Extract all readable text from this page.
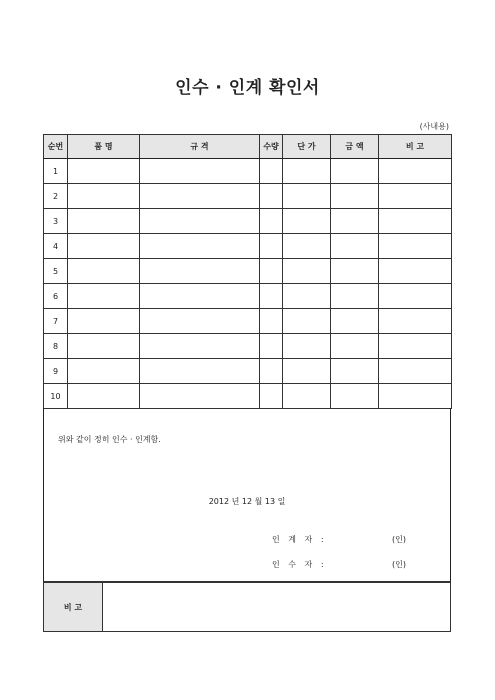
인수 · 인계 확인서
(사내용)
순번	품 명	규 격	수량	단 가	금 액	비 고
1						
2						
3						
4						
5						
6						
7						
8						
9						
10						
위와 같이 정히 인수 · 인계함.
2012 년 12 월 13 일
인 계 자 :	(인)
인 수 자 :	(인)
비 고	
